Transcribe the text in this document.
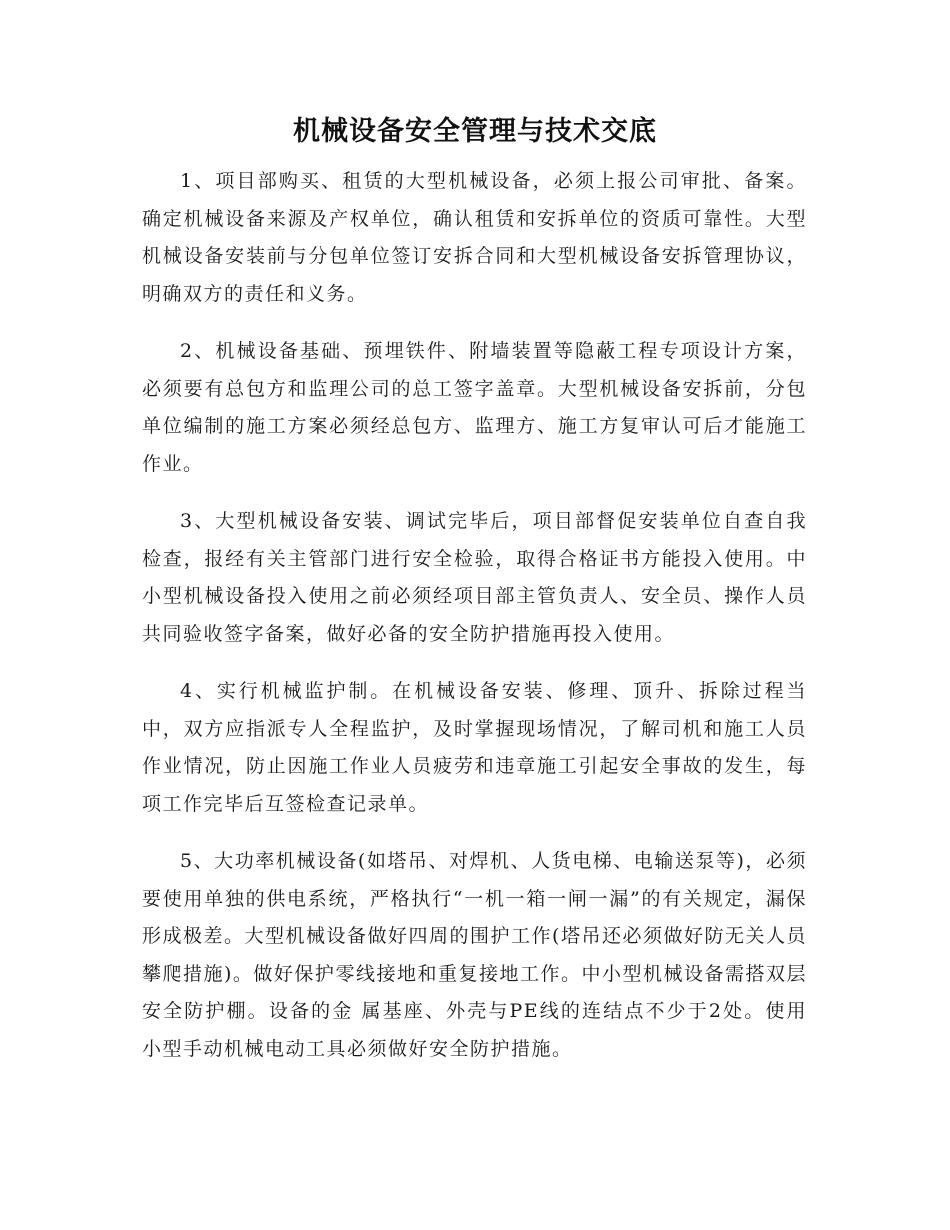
机械设备安全管理与技术交底

1、项目部购买、租赁的大型机械设备，必须上报公司审批、备案。确定机械设备来源及产权单位，确认租赁和安拆单位的资质可靠性。大型机械设备安装前与分包单位签订安拆合同和大型机械设备安拆管理协议，明确双方的责任和义务。

2、机械设备基础、预埋铁件、附墙装置等隐蔽工程专项设计方案，必须要有总包方和监理公司的总工签字盖章。大型机械设备安拆前，分包单位编制的施工方案必须经总包方、监理方、施工方复审认可后才能施工作业。

3、大型机械设备安装、调试完毕后，项目部督促安装单位自查自我检查，报经有关主管部门进行安全检验，取得合格证书方能投入使用。中小型机械设备投入使用之前必须经项目部主管负责人、安全员、操作人员共同验收签字备案，做好必备的安全防护措施再投入使用。

4、实行机械监护制。在机械设备安装、修理、顶升、拆除过程当中，双方应指派专人全程监护，及时掌握现场情况，了解司机和施工人员作业情况，防止因施工作业人员疲劳和违章施工引起安全事故的发生，每项工作完毕后互签检查记录单。

5、大功率机械设备(如塔吊、对焊机、人货电梯、电输送泵等)，必须要使用单独的供电系统，严格执行“一机一箱一闸一漏”的有关规定，漏保形成极差。大型机械设备做好四周的围护工作(塔吊还必须做好防无关人员攀爬措施)。做好保护零线接地和重复接地工作。中小型机械设备需搭双层安全防护棚。设备的金 属基座、外壳与PE线的连结点不少于2处。使用小型手动机械电动工具必须做好安全防护措施。
